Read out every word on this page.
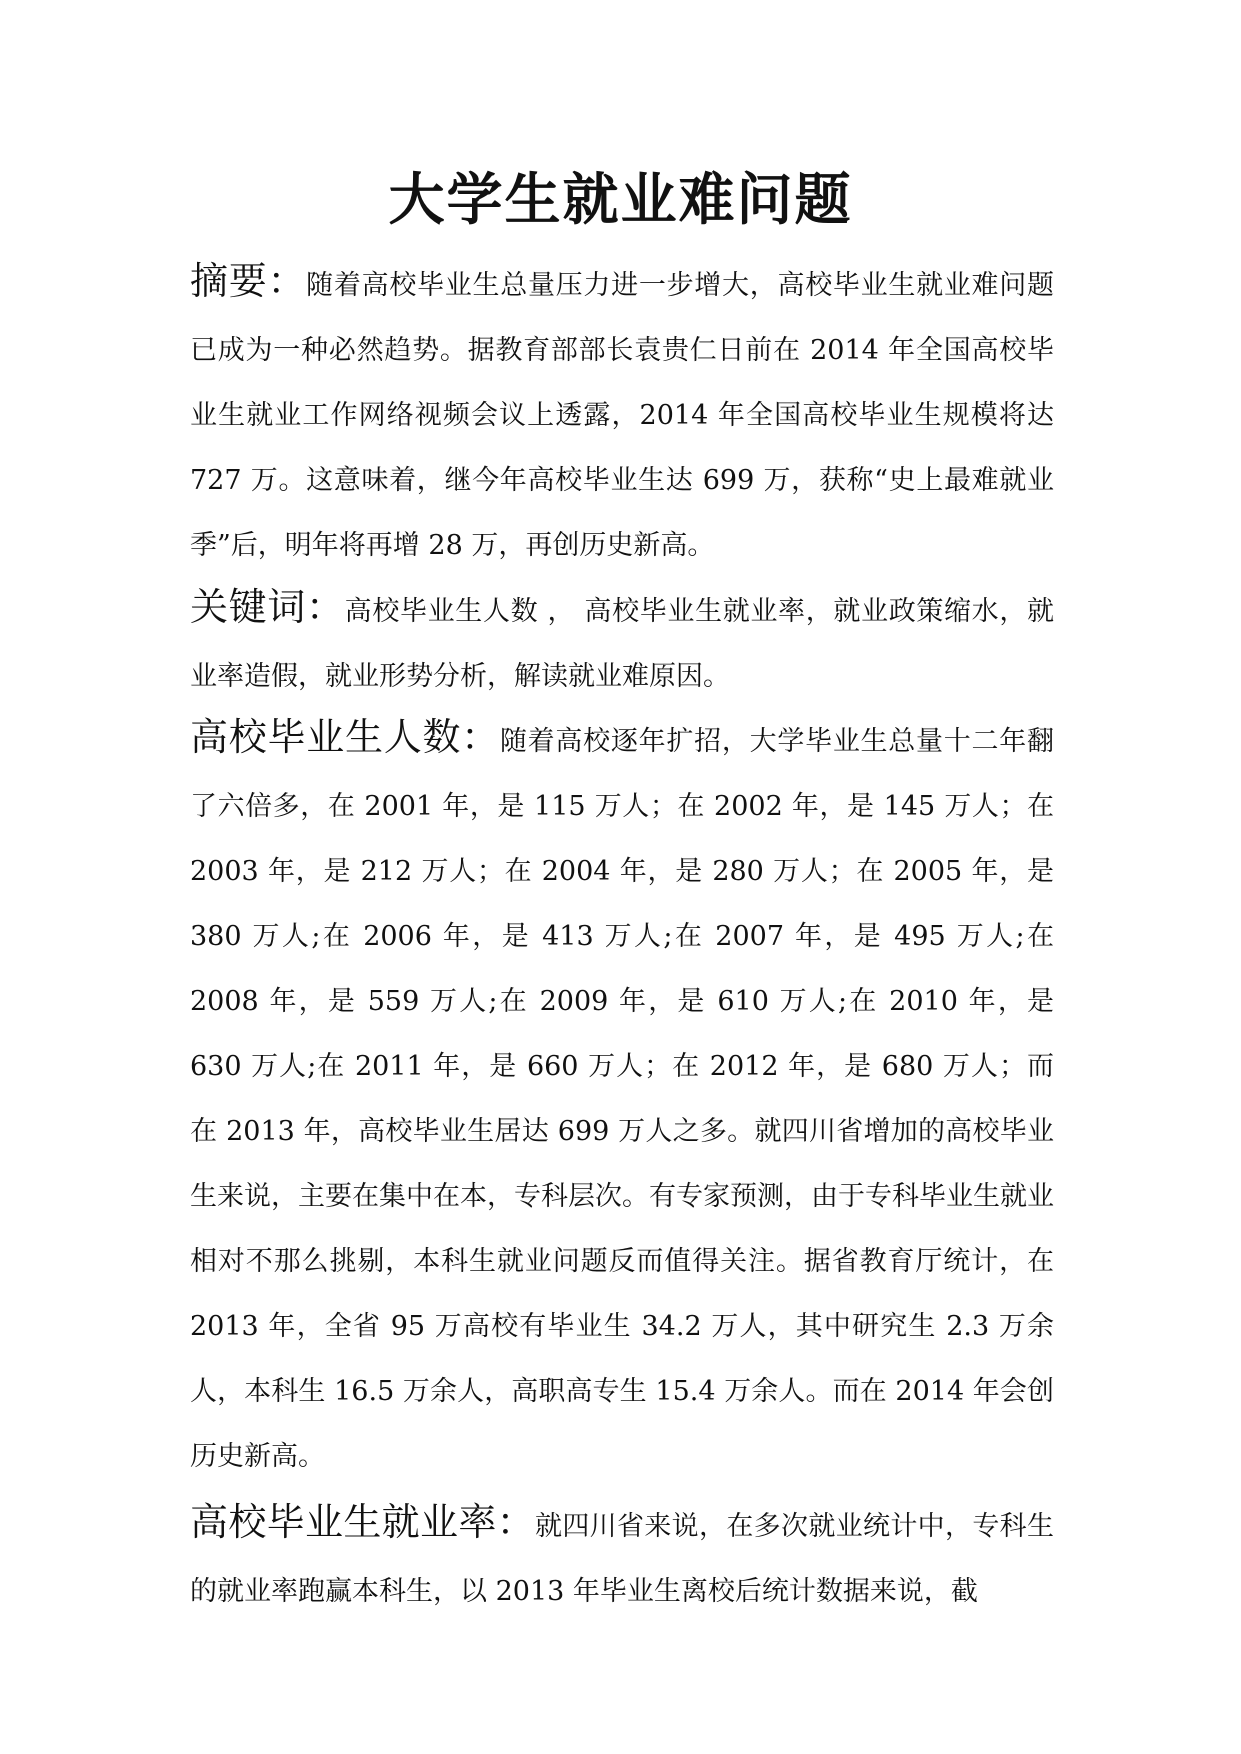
大学生就业难问题

摘要：随着高校毕业生总量压力进一步增大，高校毕业生就业难问题已成为一种必然趋势。据教育部部长袁贵仁日前在 2014 年全国高校毕业生就业工作网络视频会议上透露，2014 年全国高校毕业生规模将达 727 万。这意味着，继今年高校毕业生达 699 万，获称“史上最难就业季”后，明年将再增 28 万，再创历史新高。

关键词：高校毕业生人数 ， 高校毕业生就业率，就业政策缩水，就业率造假，就业形势分析，解读就业难原因。

高校毕业生人数：随着高校逐年扩招，大学毕业生总量十二年翻了六倍多，在 2001 年，是 115 万人；在 2002 年，是 145 万人；在 2003 年，是 212 万人；在 2004 年，是 280 万人；在 2005 年，是 380 万人;在 2006 年，是 413 万人;在 2007 年，是 495 万人;在 2008 年，是 559 万人;在 2009 年，是 610 万人;在 2010 年，是 630 万人;在 2011 年，是 660 万人；在 2012 年，是 680 万人；而在 2013 年，高校毕业生居达 699 万人之多。就四川省增加的高校毕业生来说，主要在集中在本，专科层次。有专家预测，由于专科毕业生就业相对不那么挑剔，本科生就业问题反而值得关注。据省教育厅统计，在 2013 年，全省 95 万高校有毕业生 34.2 万人，其中研究生 2.3 万余人，本科生 16.5 万余人，高职高专生 15.4 万余人。而在 2014 年会创历史新高。

高校毕业生就业率：就四川省来说，在多次就业统计中，专科生的就业率跑赢本科生，以 2013 年毕业生离校后统计数据来说，截
